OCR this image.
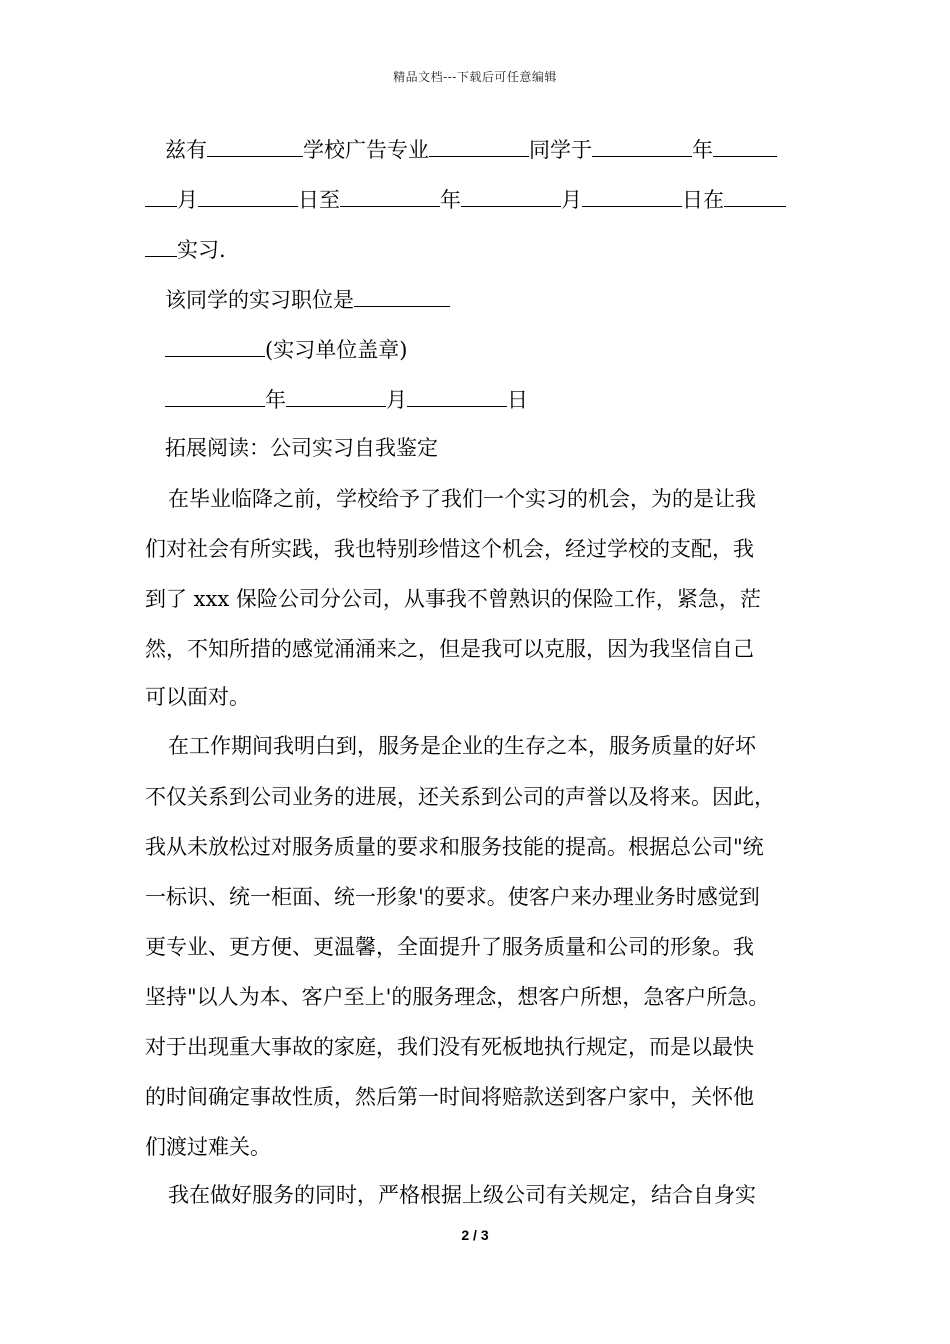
精品文档---下载后可任意编辑
兹有	学校广告专业	同学于	年
月	日至	年	月	日在
实习.
该同学的实习职位是
(实习单位盖章)
年	月	日
拓展阅读：公司实习自我鉴定
在毕业临降之前，学校给予了我们一个实习的机会，为的是让我
们对社会有所实践，我也特别珍惜这个机会，经过学校的支配，我
到了 xxx 保险公司分公司，从事我不曾熟识的保险工作，紧急，茫
然，不知所措的感觉涌涌来之，但是我可以克服，因为我坚信自己
可以面对。
在工作期间我明白到，服务是企业的生存之本，服务质量的好坏
不仅关系到公司业务的进展，还关系到公司的声誉以及将来。因此，
我从未放松过对服务质量的要求和服务技能的提高。根据总公司"统
一标识、统一柜面、统一形象'的要求。使客户来办理业务时感觉到
更专业、更方便、更温馨，全面提升了服务质量和公司的形象。我
坚持"以人为本、客户至上'的服务理念，想客户所想，急客户所急。
对于出现重大事故的家庭，我们没有死板地执行规定，而是以最快
的时间确定事故性质，然后第一时间将赔款送到客户家中，关怀他
们渡过难关。
我在做好服务的同时，严格根据上级公司有关规定，结合自身实
2 / 3
